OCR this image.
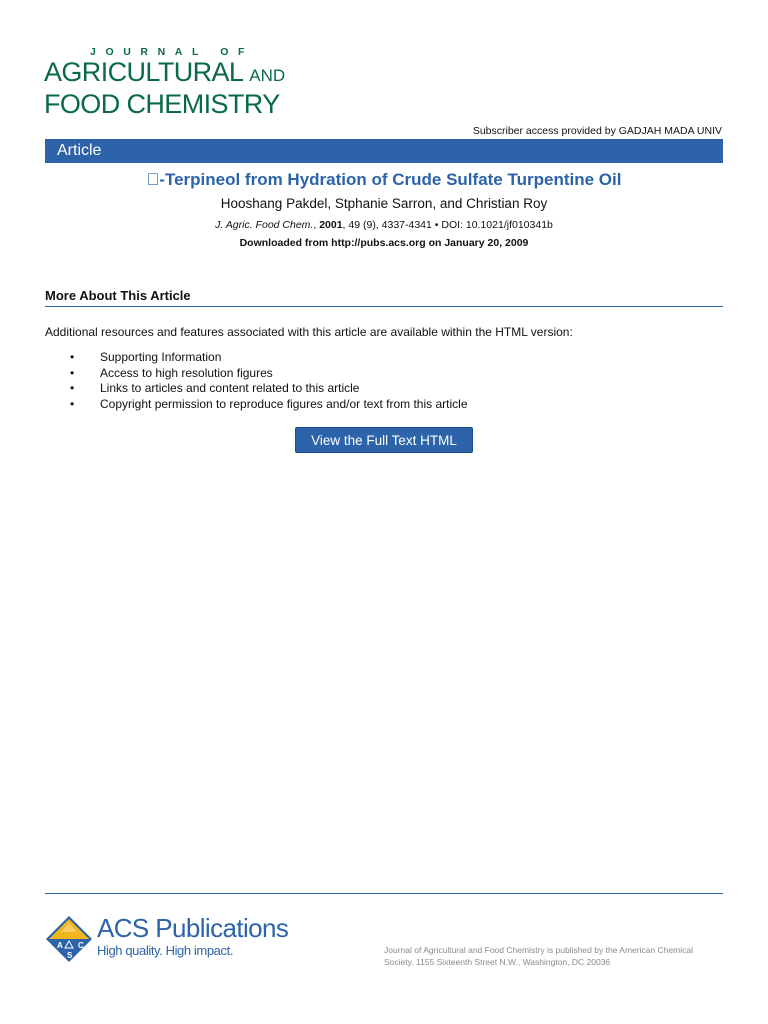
JOURNAL OF
AGRICULTURAL AND
FOOD CHEMISTRY
Subscriber access provided by GADJAH MADA UNIV
Article
 -Terpineol from Hydration of Crude Sulfate Turpentine Oil
Hooshang Pakdel, Stphanie Sarron, and Christian Roy
J. Agric. Food Chem., 2001, 49 (9), 4337-4341 • DOI: 10.1021/jf010341b
Downloaded from http://pubs.acs.org on January 20, 2009
More About This Article
Additional resources and features associated with this article are available within the HTML version:
• Supporting Information
• Access to high resolution figures
• Links to articles and content related to this article
• Copyright permission to reproduce figures and/or text from this article
View the Full Text HTML
A C
S
ACS Publications
High quality. High impact.	Journal of Agricultural and Food Chemistry is published by the American Chemical
Society. 1155 Sixteenth Street N.W., Washington, DC 20036
